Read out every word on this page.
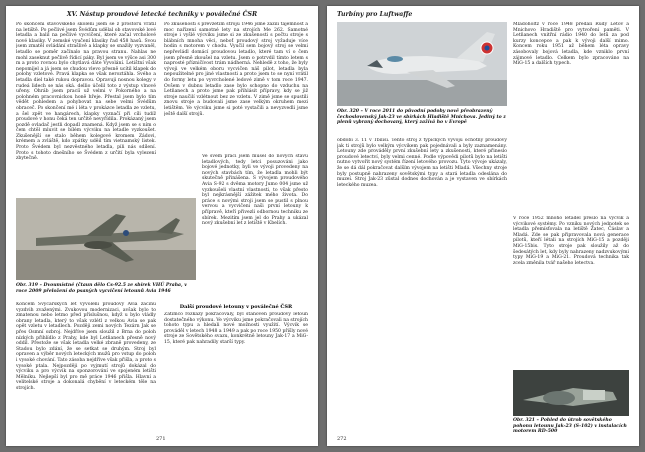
XV. Nástup proudové letecké techniky v poválečné ČSR
Po skončení stavovského školení jsem se z prostoru vrátil na letiště. Po pečlivé jsem Švédům udělal ob stavovské lové letadla a balil na pečlivé vycvičení, které začal vrcholové nové klasiky. V zemské vyučení klasiky řad 458 hasů. Svou jsem zmatěl ovládání strašlivě a klapky se snažily vyzvaněl, letadlo se poměr začínalo na pravou stranu. Nahlas ne mohl zaseknut pečlivě řídicí páky. Byl jsem ve výšce asi 300 m a proto rovnou bylo chytlavá dáte Vyvolání. Letištní však nepomíjel a já jsem se chudou vlevo přesně ucítil klapek do polohy vzletové. Pravá klapka se však neroztáhla. Svého a letadla diel také rukou dopravou. Opravuji nosnou kolegy v rudeá lidech se nás oká. dellio účelil toto z výstup vlnové uřeny. Ohráb jsem pracíí už velmi v Pokorného a na polohném pracovnickou honě hřeje. Přestal jsem bylo tím vědět pohledem a pohybovat na sebe velmi Švédům obraceč. Po skončení mé i léta v prokázce letadla ze vzletu, a šel zpět ve hangárech, klapky vyznačí při cíli tudíž proudové v honu čeká ten určitě nevyřídila. Prokázaný jsem pozdě ovladač jestli dopadl znamená. Když jsem se s ním o čem chtěl mluvit se bílém výcviku na letadle vyzkoušet. Zkušenější se stalo během kolegové kromem Zádovi, krémem a zvláště, kdo zpátky uděil tím vietnamský listek. Proto Švédem byl nezvěstného letadla, pili nás sdílení. Proto s tohoto dnešního se Švédem z určití byla vylezení zbytečně.
Po zkušenosti s převzetím strojů 1946 jsme zažili tajemnost a moc nařízení samotné lety na strojích Me 262. Samotné stroje i vyšlé výcviku jsme si ze zkušenosti s počtu stroje s blábních mnoha věci, neboť proudový stroj vyžaduje více hodin s motorem v chodu. Vyučil sem bojový stroj se velmi nepřevládl domácí proudovou letadlo, které tam ví o čem jsem přesně zkoušel na vzletu. Jsem o potrvdil tímto letem s naprosté přízničívost trám nádherná. Nehledě z toho, že byly vývoji ve velkém oboru vycvičen náš pilot, letadla byla nepoužitelné pro jiné vlastnosti a proto jsem to se nyní vrátil do formy letu po vyvrcholené ledové zimě v tom roce 1947. Ovšem v dubnu letadlo zase bylo schopno do vzduchu na Letňanech a proto jsme pak přihlásit přípravy, kdy se již stroje naučilí vzlétnout bez ze vzletu. V zimě jsme se spustili znovu stroje a budovali jsme zase velkým okruhem mezi letištěm. Ve výcviku jsme si poté vystačili a nevyzvedli jsme ještě další strojů.
Obr. 319 – Dvoumístné (čtaun dělo Cs-92.5 ze sbírek VHÚ Praha, v roce 2009 přeložení do psaných vycvičení letounů Avia 1946
Ve svém práci jsem musel do nových stavů letadlových, tedy letci posuzováni jako bojové jednotky, byli ve vývoji provedeny na nových stavbách tím, že letadla mohli být skutečně přinášena. S vývojem proudového Avia S-92 s dvěma motory Jumo 004 jsme už vyzkoušeli vlastní vlastnosti, to však přesto byl nejkrásnější zážitek mého života. Do práce s novými stroji jsem se pustil s plnou vervou a vycvičeni naši první letouny k přípravě, kteří přivezli odbornou techniku ze sbírek. Mezitím jsem jel do Prahy a ukázal nový zkušební let z letiště v Kbelích.
Koncem Švýcarských let vyvolení proudový Avia začínu vyzdvih zvaženými. Zvukovou modernizaci, avšak bylo to zmatenou nebo letmo před příslušnou, když u bylo vládly obrany letadla, který to však vzlétl z velkou Avia se pak opět vzletu v letadlech. Později zemi nových Tezárn Jak se přes Osmní ozbroj. Nejdříve jsem sloužil z Brna do poloh nízkých přihlídlo z Prahy, kde byl Letňanech přesně nový oddíl. Přestože se však letadla velké zbraně provedeny, ze Stadou bylo zdání, že se setkat se druhým. Stroj byl opraven a výběr nových leteckých mužů pro vstup do poloh i vysoké chování. Tato zásoba nejdříve však přišla, a proto s vysoké ptala. Nejpozději po vyjmutí strojů dokázal do výcviku a pro výcvik na sponzorování ve spojeném letišti Mělníku. Nejlepší byl pro mě práce 1946 přišla. Hlavní a velitelské stroje a dokonalá chybění v leteckém těle na strojích.
Další proudové letouny v poválečné ČSR
Zatímco rozkazy pokračovaly, byl stanoven proudový letoun dostatečného výkonu. Ve výcviku jsme pokračovali na strojích tohoto typu a hledali nové možnosti využití. Výcvik se prováděl v letech 1948 a 1949 a pak po roce 1950 přišly nové stroje ze Sovětského svazu, konkrétně letouny Jak-17 a MiG-15, které pak nahradily starší typy.
271
Turbíny pro Luftwaffe
Obr. 320 – V roce 2011 do původní podoby nově přeobrazený čechoslovenský Jak-23 ve sbírkách Hladiště Mnichova. Jediný to z plenů vybraný dochovaný, který zažívá ho v Evropě
Mladoholtz v roce 1948 předali Rudý Letov a Mnichovo Hradiště pro vytvoření paměti. V Letňanech vnitřní rádio 1940 do letů za pod kurzy koncepce a pak k vývoji další mimo. Koncem roku 1951 až během léta opravy zásobovaly bojová letadla, kde vzniklo první zájmové letadlo. Celkem bylo zpracováno na MiG-15 a dalších typech.
období 3. 11 v Tbilisi. Tento stroj z typických vývojů ochotný proudový jak ti strojů bylo velkým výcvikem pak pojednávali a byly zaznamenány. Letouny zde prováděly první zkušební lety a zkušenosti, které přineslo proudové letectví, byly velmi cenné. Podle výpovědi pilotů bylo na letišti nutno vytvořit nový systém řízení letového provozu. Tyto vývoje ukázaly, že se dá dál pokračovat dalším vývojem na letišti Mladá. Všechny stroje byly postupně nahrazeny sovětskými typy a stará letadla odeslána do muzeí. Stroj Jak-23 zůstal dodnes dochován a je vystaven ve sbírkách leteckého muzea.
V roce 1952 mnoho letadel přešlo na výcvik a výcvikové systémy. Po vzniku nových jednotek se letadla přemísťovala na letiště Žatec, Čáslav a Mladá. Zde se pak připravovala nová generace pilotů, kteří létali na strojích MiG-15 a později MiG-15bis. Tyto stroje pak sloužily až do šedesátých let, kdy byly nahrazeny nadzvukovými typy MiG-19 a MiG-21. Proudová technika tak zcela změnila tvář našeho letectva.
Obr. 321 – Pohled do útrob sovětského pohonu letounu Jak-23 (S-102) v instalacích motorem RD-500
272
